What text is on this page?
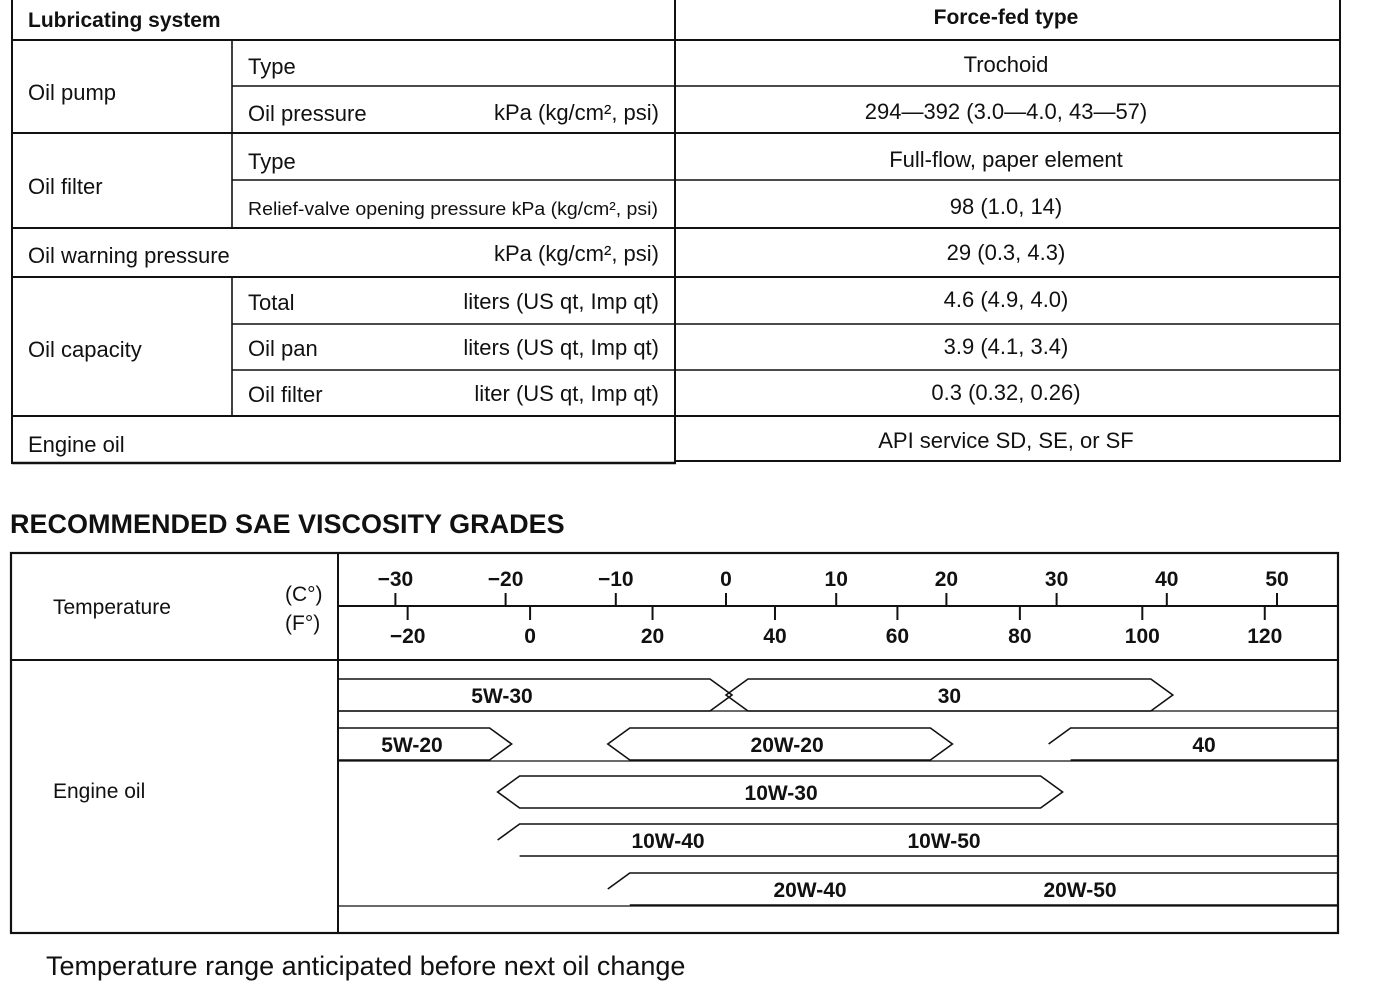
Lubricating system	Force-fed type
Oil pump
Type	Trochoid
Oil pressure	kPa (kg/cm², psi)	294—392 (3.0—4.0, 43—57)
Oil filter
Type	Full-flow, paper element
Relief-valve opening pressure kPa (kg/cm², psi)	98 (1.0, 14)
Oil warning pressure	kPa (kg/cm², psi)	29 (0.3, 4.3)
Oil capacity
Total	liters (US qt, Imp qt)	4.6 (4.9, 4.0)
Oil pan	liters (US qt, Imp qt)	3.9 (4.1, 3.4)
Oil filter	liter (US qt, Imp qt)	0.3 (0.32, 0.26)
Engine oil	API service SD, SE, or SF
RECOMMENDED SAE VISCOSITY GRADES
Temperature
(C°)
(F°)
Engine oil
−30	−20	−10	0	10	20	30	40	50
−20	0	20	40	60	80	100	120
5W-30	30
5W-20	20W-20	40
10W-30
10W-40	10W-50
20W-40	20W-50
Temperature range anticipated before next oil change
